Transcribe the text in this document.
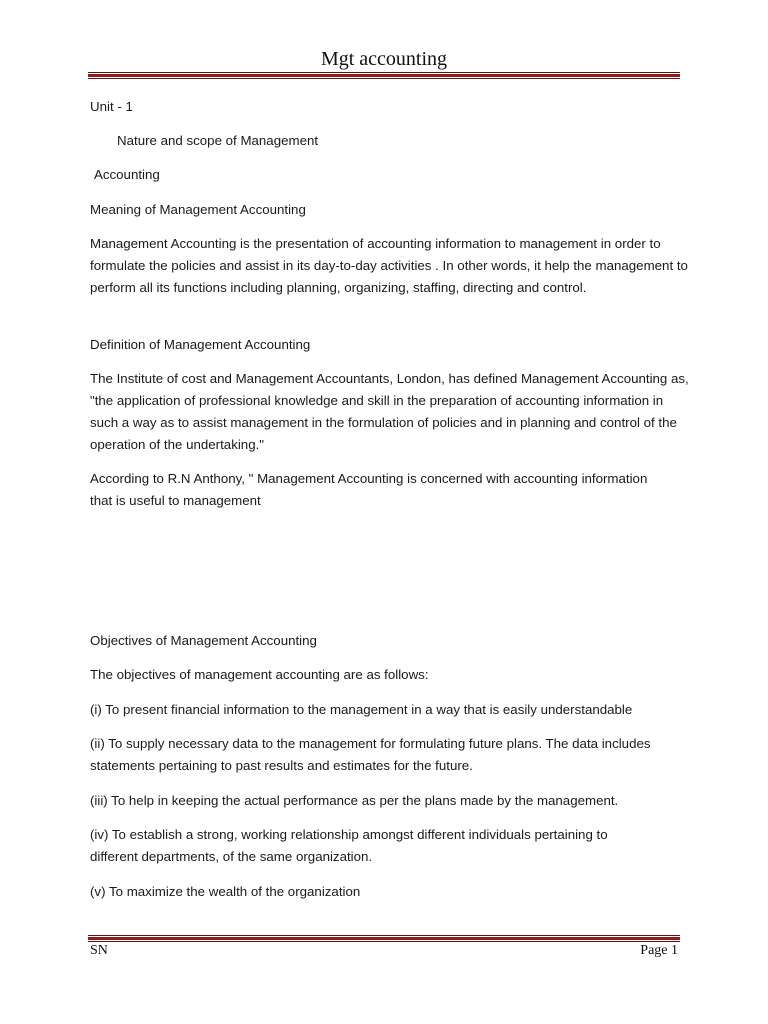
Mgt accounting
Unit - 1
Nature and scope of Management
Accounting
Meaning of Management Accounting
Management Accounting is the presentation of accounting information to management in order to formulate the policies and assist in its day-to-day activities . In other words, it help the management to perform all its functions including planning, organizing, staffing, directing and control.
Definition of Management Accounting
The Institute of cost and Management Accountants, London, has defined Management Accounting as, "the application of professional knowledge and skill in the preparation of accounting information in such a way as to assist management in the formulation of policies and in planning and control of the operation of the undertaking."
According to R.N Anthony, " Management Accounting is concerned with accounting information that is useful to management
Objectives of Management Accounting
The objectives of management accounting are as follows:
(i) To present financial information to the management in a way that is easily understandable
(ii) To supply necessary data to the management for formulating future plans. The data includes statements pertaining to past results and estimates for the future.
(iii) To help in keeping the actual performance as per the plans made by the management.
(iv) To establish a strong, working relationship amongst different individuals pertaining to different departments, of the same organization.
(v) To maximize the wealth of the organization
SN	Page 1
